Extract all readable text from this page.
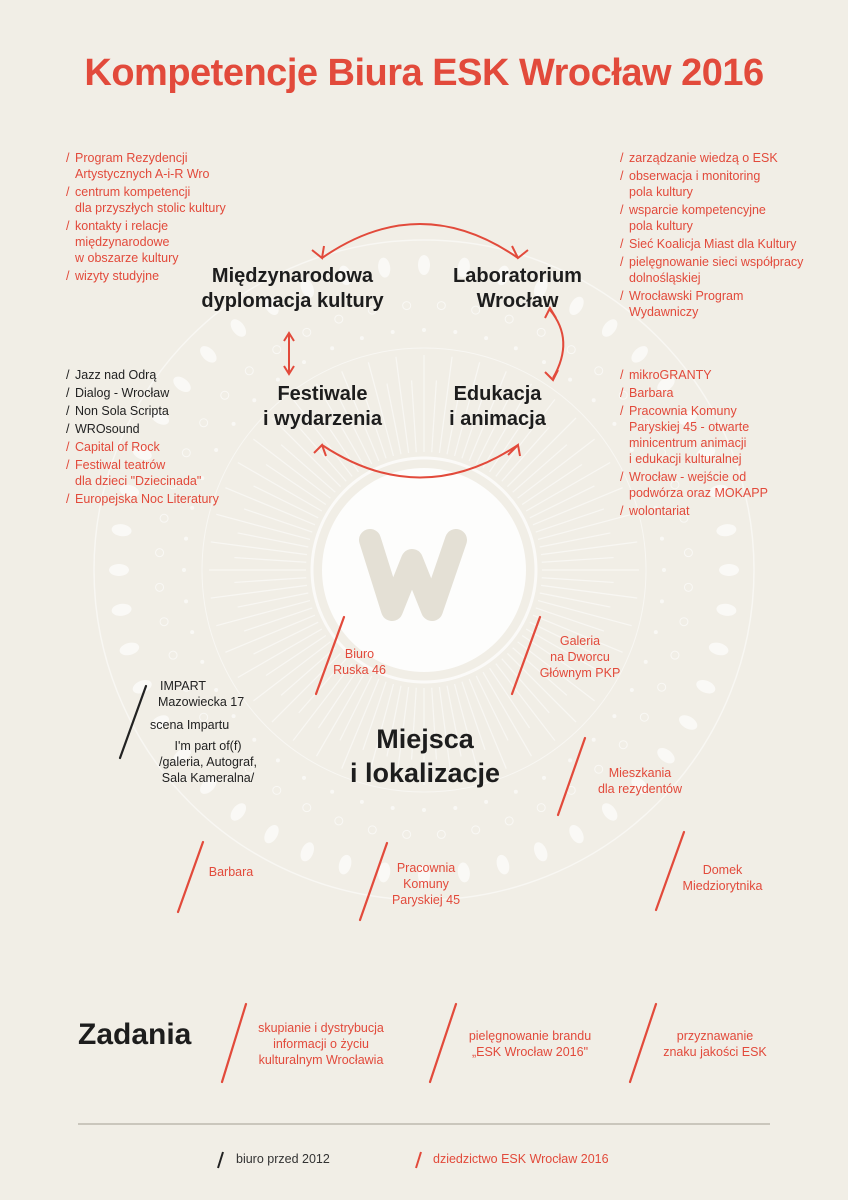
Kompetencje Biura ESK Wrocław 2016
/ Program Rezydencji
Artystycznych A-i-R Wro
/ centrum kompetencji
dla przyszłych stolic kultury
/ kontakty i relacje
międzynarodowe
w obszarze kultury
/ wizyty studyjne
/ zarządzanie wiedzą o ESK
/ obserwacja i monitoring
pola kultury
/ wsparcie kompetencyjne
pola kultury
/ Sieć Koalicja Miast dla Kultury
/ pielęgnowanie sieci współpracy
dolnośląskiej
/ Wrocławski Program
Wydawniczy
/ Jazz nad Odrą
/ Dialog - Wrocław
/ Non Sola Scripta
/ WROsound
/ Capital of Rock
/ Festiwal teatrów
dla dzieci "Dziecinada"
/ Europejska Noc Literatury
/ mikroGRANTY
/ Barbara
/ Pracownia Komuny
Paryskiej 45 - otwarte
minicentrum animacji
i edukacji kulturalnej
/ Wrocław - wejście od
podwórza oraz MOKAPP
/ wolontariat
Międzynarodowa
dyplomacja kultury
Laboratorium
Wrocław
Festiwale
i wydarzenia
Edukacja
i animacja
Miejsca
i lokalizacje
Biuro
Ruska 46
Galeria
na Dworcu
Głównym PKP
IMPART
Mazowiecka 17
scena Impartu
I'm part of(f)
/galeria, Autograf,
Sala Kameralna/	Mieszkania
dla rezydentów
Barbara	Pracownia
Komuny
Paryskiej 45
Domek
Miedziorytnika
Zadania	skupianie i dystrybucja
informacji o życiu
kulturalnym Wrocławia
pielęgnowanie brandu
„ESK Wrocław 2016"
przyznawanie
znaku jakości ESK
biuro przed 2012	dziedzictwo ESK Wrocław 2016
